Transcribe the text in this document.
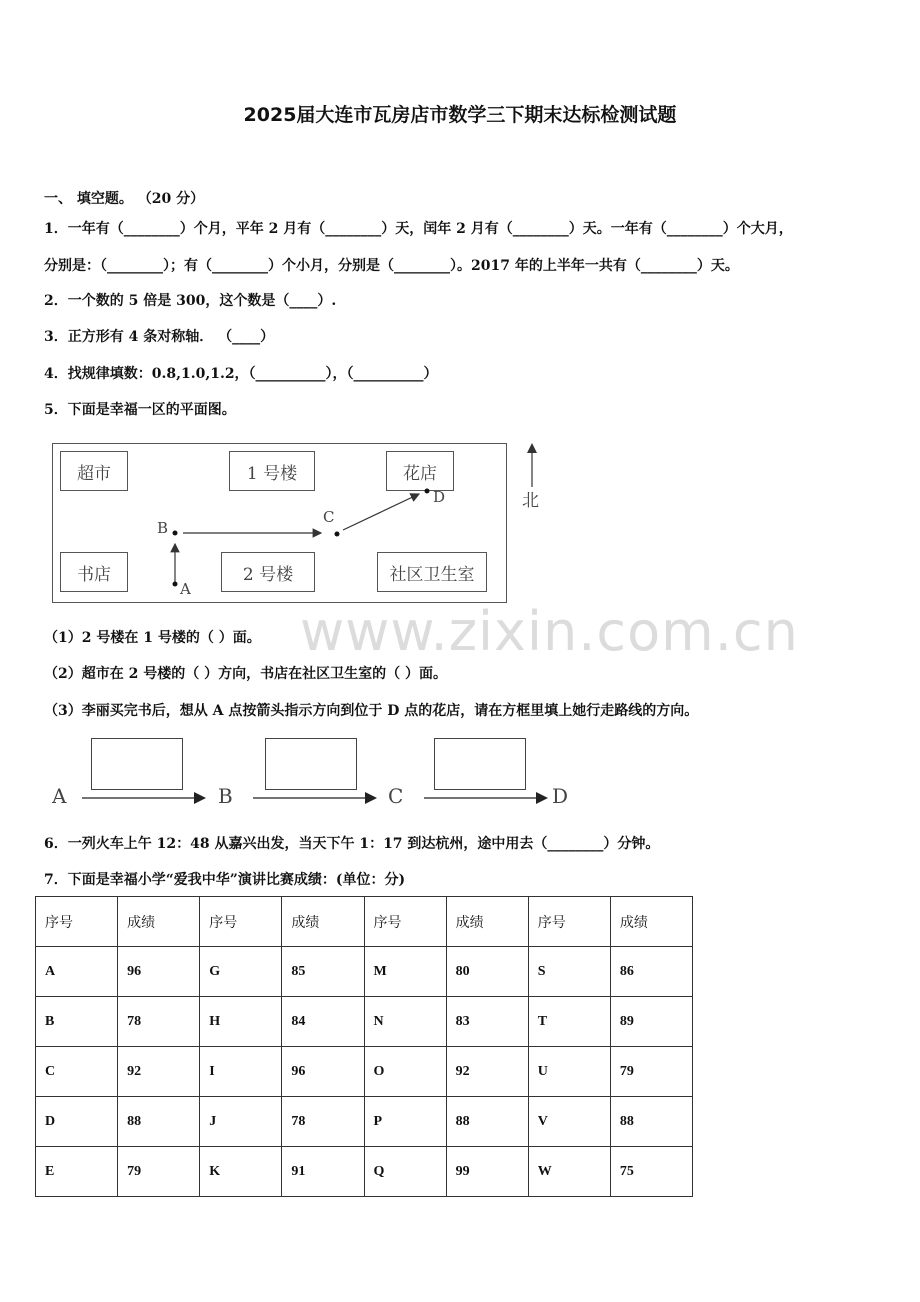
2025届大连市瓦房店市数学三下期末达标检测试题
一、 填空题。 （20 分）
1．一年有（________）个月，平年 2 月有（________）天，闰年 2 月有（________）天。一年有（________）个大月，
分别是：（________）；有（________）个小月，分别是（________）。2017 年的上半年一共有（________）天。
2．一个数的 5 倍是 300，这个数是（____）.
3．正方形有 4 条对称轴． （____）
4．找规律填数：0.8,1.0,1.2，（__________），（__________）
5．下面是幸福一区的平面图。
超市	1 号楼	花店
书店	2 号楼	社区卫生室
A
B
C
D	北
www.zixin.com.cn
（1）2 号楼在 1 号楼的（ ）面。
（2）超市在 2 号楼的（ ）方向，书店在社区卫生室的（ ）面。
（3）李丽买完书后，想从 A 点按箭头指示方向到位于 D 点的花店，请在方框里填上她行走路线的方向。
A	B	C	D
6．一列火车上午 12：48 从嘉兴出发，当天下午 1：17 到达杭州，途中用去（________）分钟。
7．下面是幸福小学“爱我中华”演讲比赛成绩：(单位：分)
序号	成绩	序号	成绩	序号	成绩	序号	成绩
A	96	G	85	M	80	S	86
B	78	H	84	N	83	T	89
C	92	I	96	O	92	U	79
D	88	J	78	P	88	V	88
E	79	K	91	Q	99	W	75
